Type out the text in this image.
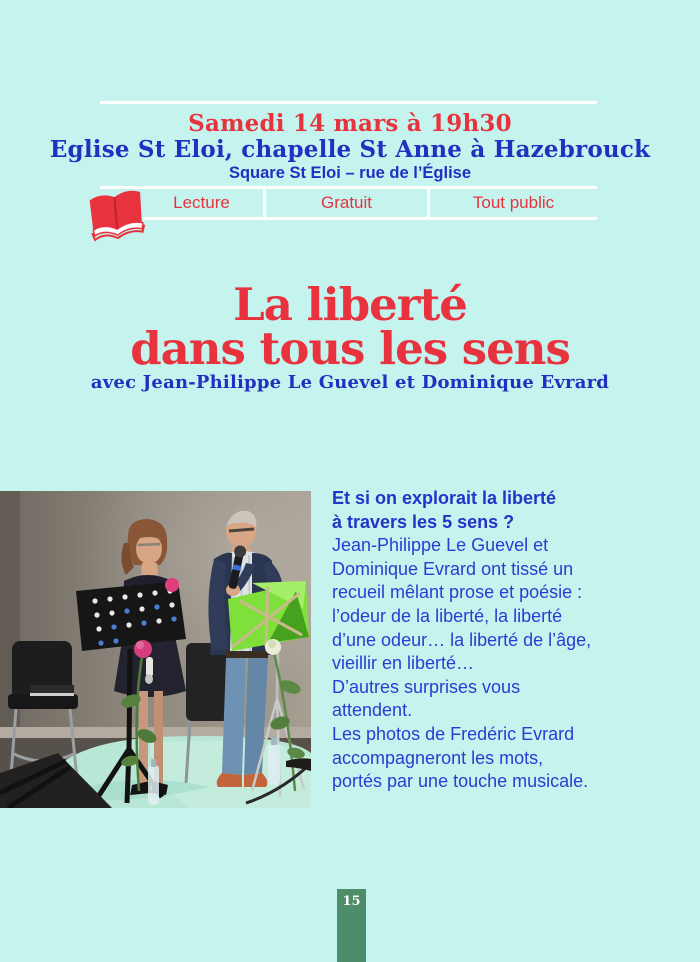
Samedi 14 mars à 19h30
Eglise St Eloi, chapelle St Anne à Hazebrouck
Square St Eloi – rue de l’Église
Lecture	Gratuit	Tout public
La liberté
dans tous les sens
avec Jean-Philippe Le Guevel et Dominique Evrard
Et si on explorait la liberté
à travers les 5 sens ?
Jean-Philippe Le Guevel et
Dominique Evrard ont tissé un
recueil mêlant prose et poésie :
l’odeur de la liberté, la liberté
d’une odeur… la liberté de l’âge,
vieillir en liberté…
D’autres surprises vous
attendent.
Les photos de Fredéric Evrard
accompagneront les mots,
portés par une touche musicale.
15
